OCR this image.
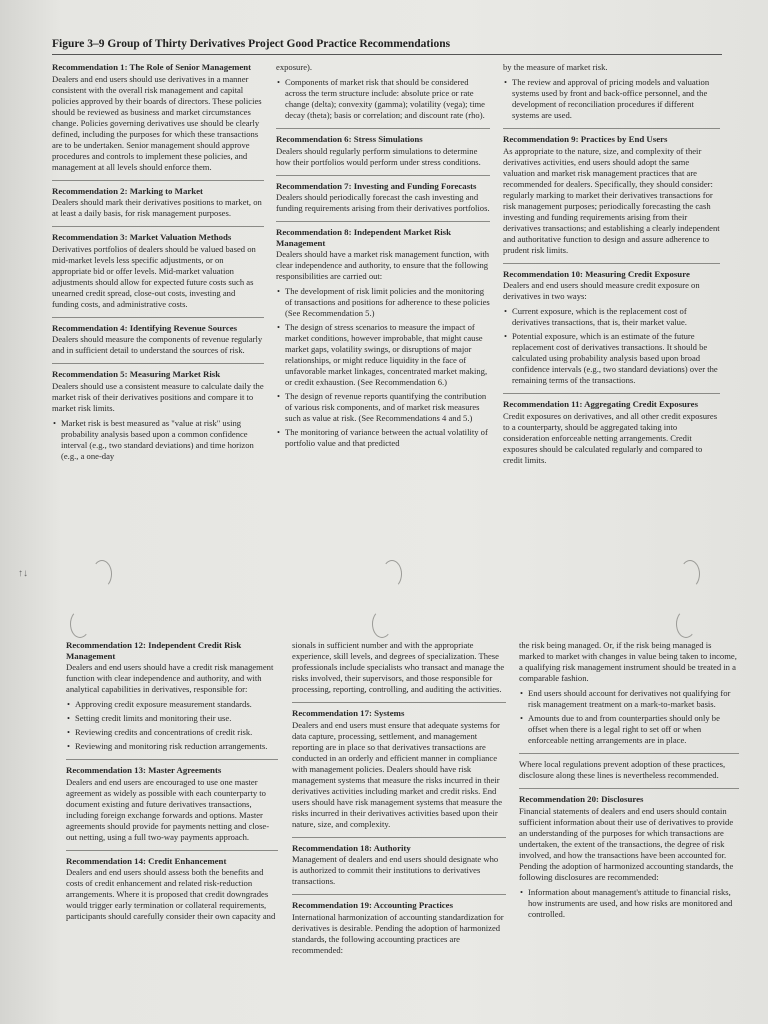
Figure 3–9 Group of Thirty Derivatives Project Good Practice Recommendations
Recommendation 1: The Role of Senior Management

Dealers and end users should use derivatives in a manner consistent with the overall risk management and capital policies approved by their boards of directors. These policies should be reviewed as business and market circumstances change. Policies governing derivatives use should be clearly defined, including the purposes for which these transactions are to be undertaken. Senior management should approve procedures and controls to implement these policies, and management at all levels should enforce them.

Recommendation 2: Marking to Market

Dealers should mark their derivatives positions to market, on at least a daily basis, for risk management purposes.

Recommendation 3: Market Valuation Methods

Derivatives portfolios of dealers should be valued based on mid-market levels less specific adjustments, or on appropriate bid or offer levels. Mid-market valuation adjustments should allow for expected future costs such as unearned credit spread, close-out costs, investing and funding costs, and administrative costs.

Recommendation 4: Identifying Revenue Sources

Dealers should measure the components of revenue regularly and in sufficient detail to understand the sources of risk.

Recommendation 5: Measuring Market Risk

Dealers should use a consistent measure to calculate daily the market risk of their derivatives positions and compare it to market risk limits.

• Market risk is best measured as "value at risk" using probability analysis based upon a common confidence interval (e.g., two standard deviations) and time horizon (e.g., a one-day

exposure).

• Components of market risk that should be considered across the term structure include: absolute price or rate change (delta); convexity (gamma); volatility (vega); time decay (theta); basis or correlation; and discount rate (rho).
Recommendation 6: Stress Simulations

Dealers should regularly perform simulations to determine how their portfolios would perform under stress conditions.

Recommendation 7: Investing and Funding Forecasts

Dealers should periodically forecast the cash investing and funding requirements arising from their derivatives portfolios.

Recommendation 8: Independent Market Risk Management

Dealers should have a market risk management function, with clear independence and authority, to ensure that the following responsibilities are carried out:

• The development of risk limit policies and the monitoring of transactions and positions for adherence to these policies (See Recommendation 5.)
• The design of stress scenarios to measure the impact of market conditions, however improbable, that might cause market gaps, volatility swings, or disruptions of major relationships, or might reduce liquidity in the face of unfavorable market linkages, concentrated market making, or credit exhaustion. (See Recommendation 6.)
• The design of revenue reports quantifying the contribution of various risk components, and of market risk measures such as value at risk. (See Recommendations 4 and 5.)
• The monitoring of variance between the actual volatility of portfolio value and that predicted

by the measure of market risk.

• The review and approval of pricing models and valuation systems used by front and back-office personnel, and the development of reconciliation procedures if different systems are used.
Recommendation 9: Practices by End Users

As appropriate to the nature, size, and complexity of their derivatives activities, end users should adopt the same valuation and market risk management practices that are recommended for dealers. Specifically, they should consider: regularly marking to market their derivatives transactions for risk management purposes; periodically forecasting the cash investing and funding requirements arising from their derivatives transactions; and establishing a clearly independent and authoritative function to design and assure adherence to prudent risk limits.

Recommendation 10: Measuring Credit Exposure

Dealers and end users should measure credit exposure on derivatives in two ways:

• Current exposure, which is the replacement cost of derivatives transactions, that is, their market value.
• Potential exposure, which is an estimate of the future replacement cost of derivatives transactions. It should be calculated using probability analysis based upon broad confidence intervals (e.g., two standard deviations) over the remaining terms of the transactions.
Recommendation 11: Aggregating Credit Exposures

Credit exposures on derivatives, and all other credit exposures to a counterparty, should be aggregated taking into consideration enforceable netting arrangements. Credit exposures should be calculated regularly and compared to credit limits.

↑↓
Recommendation 12: Independent Credit Risk Management

Dealers and end users should have a credit risk management function with clear independence and authority, and with analytical capabilities in derivatives, responsible for:

• Approving credit exposure measurement standards.
• Setting credit limits and monitoring their use.
• Reviewing credits and concentrations of credit risk.
• Reviewing and monitoring risk reduction arrangements.
Recommendation 13: Master Agreements

Dealers and end users are encouraged to use one master agreement as widely as possible with each counterparty to document existing and future derivatives transactions, including foreign exchange forwards and options. Master agreements should provide for payments netting and close-out netting, using a full two-way payments approach.

Recommendation 14: Credit Enhancement

Dealers and end users should assess both the benefits and costs of credit enhancement and related risk-reduction arrangements. Where it is proposed that credit downgrades would trigger early termination or collateral requirements, participants should carefully consider their own capacity and

sionals in sufficient number and with the appropriate experience, skill levels, and degrees of specialization. These professionals include specialists who transact and manage the risks involved, their supervisors, and those responsible for processing, reporting, controlling, and auditing the activities.

Recommendation 17: Systems

Dealers and end users must ensure that adequate systems for data capture, processing, settlement, and management reporting are in place so that derivatives transactions are conducted in an orderly and efficient manner in compliance with management policies. Dealers should have risk management systems that measure the risks incurred in their derivatives activities including market and credit risks. End users should have risk management systems that measure the risks incurred in their derivatives activities based upon their nature, size, and complexity.

Recommendation 18: Authority

Management of dealers and end users should designate who is authorized to commit their institutions to derivatives transactions.

Recommendation 19: Accounting Practices

International harmonization of accounting standardization for derivatives is desirable. Pending the adoption of harmonized standards, the following accounting practices are recommended:

the risk being managed. Or, if the risk being managed is marked to market with changes in value being taken to income, a qualifying risk management instrument should be treated in a comparable fashion.

• End users should account for derivatives not qualifying for risk management treatment on a mark-to-market basis.
• Amounts due to and from counterparties should only be offset when there is a legal right to set off or when enforceable netting arrangements are in place.

Where local regulations prevent adoption of these practices, disclosure along these lines is nevertheless recommended.

Recommendation 20: Disclosures

Financial statements of dealers and end users should contain sufficient information about their use of derivatives to provide an understanding of the purposes for which transactions are undertaken, the extent of the transactions, the degree of risk involved, and how the transactions have been accounted for. Pending the adoption of harmonized accounting standards, the following disclosures are recommended:

• Information about management's attitude to financial risks, how instruments are used, and how risks are monitored and controlled.
